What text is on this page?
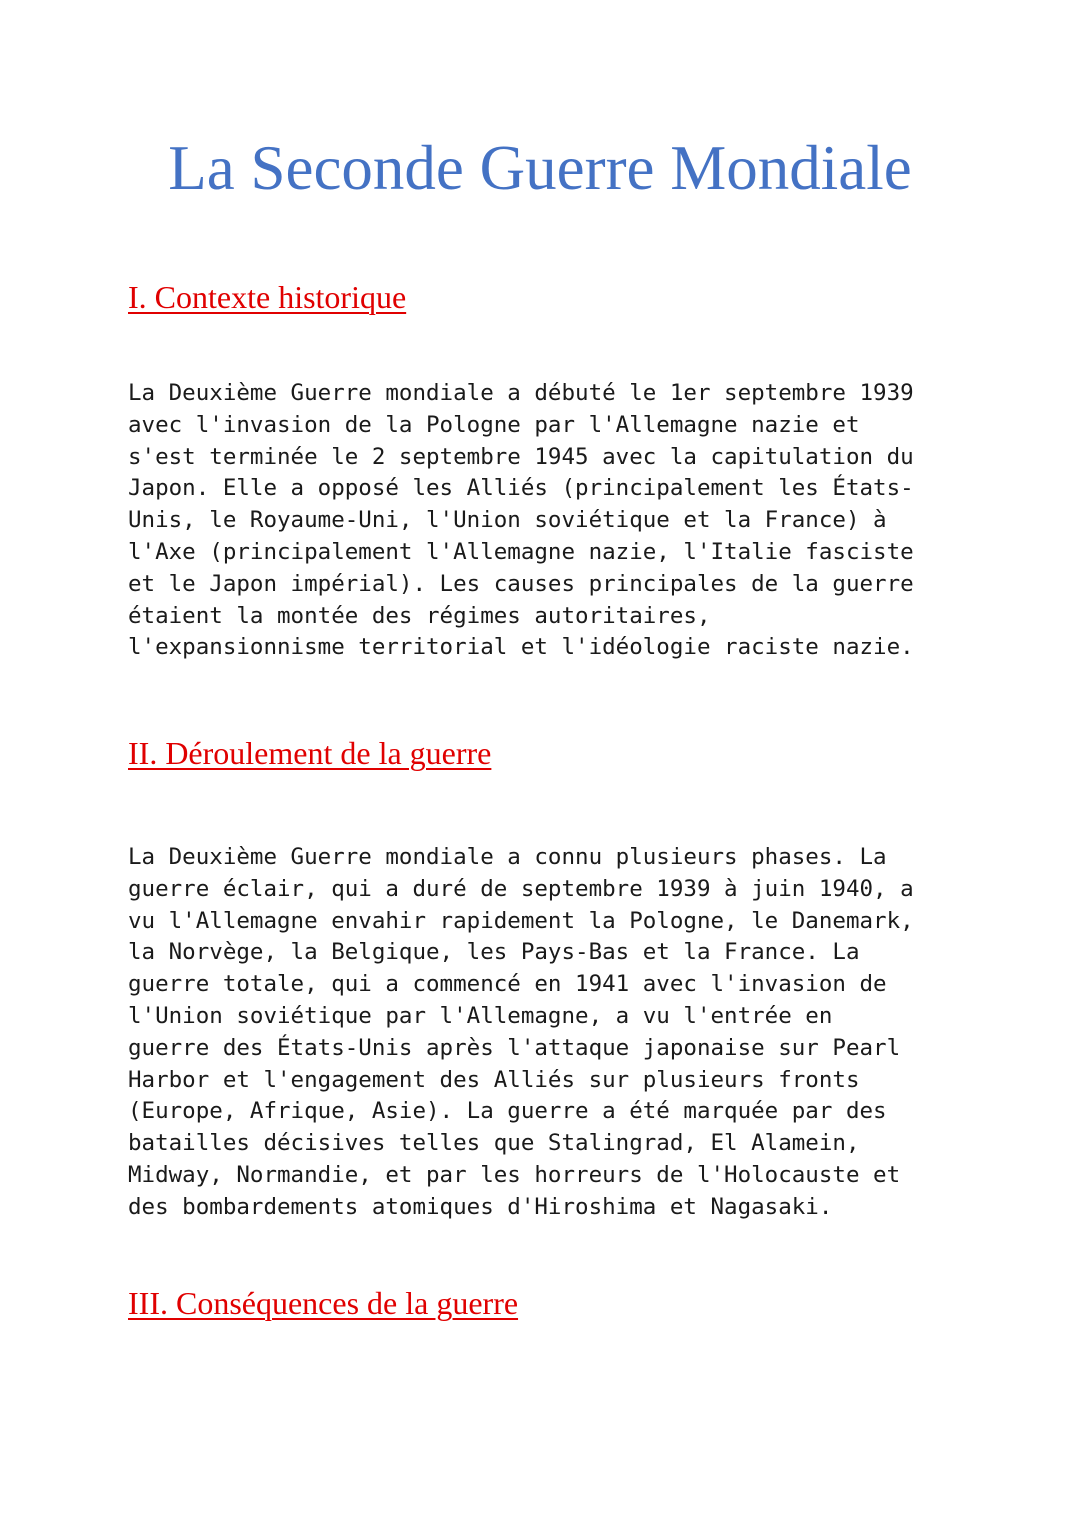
La Seconde Guerre Mondiale
I. Contexte historique
La Deuxième Guerre mondiale a débuté le 1er septembre 1939
avec l'invasion de la Pologne par l'Allemagne nazie et
s'est terminée le 2 septembre 1945 avec la capitulation du
Japon. Elle a opposé les Alliés (principalement les États-
Unis, le Royaume-Uni, l'Union soviétique et la France) à
l'Axe (principalement l'Allemagne nazie, l'Italie fasciste
et le Japon impérial). Les causes principales de la guerre
étaient la montée des régimes autoritaires,
l'expansionnisme territorial et l'idéologie raciste nazie.
II. Déroulement de la guerre
La Deuxième Guerre mondiale a connu plusieurs phases. La
guerre éclair, qui a duré de septembre 1939 à juin 1940, a
vu l'Allemagne envahir rapidement la Pologne, le Danemark,
la Norvège, la Belgique, les Pays-Bas et la France. La
guerre totale, qui a commencé en 1941 avec l'invasion de
l'Union soviétique par l'Allemagne, a vu l'entrée en
guerre des États-Unis après l'attaque japonaise sur Pearl
Harbor et l'engagement des Alliés sur plusieurs fronts
(Europe, Afrique, Asie). La guerre a été marquée par des
batailles décisives telles que Stalingrad, El Alamein,
Midway, Normandie, et par les horreurs de l'Holocauste et
des bombardements atomiques d'Hiroshima et Nagasaki.
III. Conséquences de la guerre
